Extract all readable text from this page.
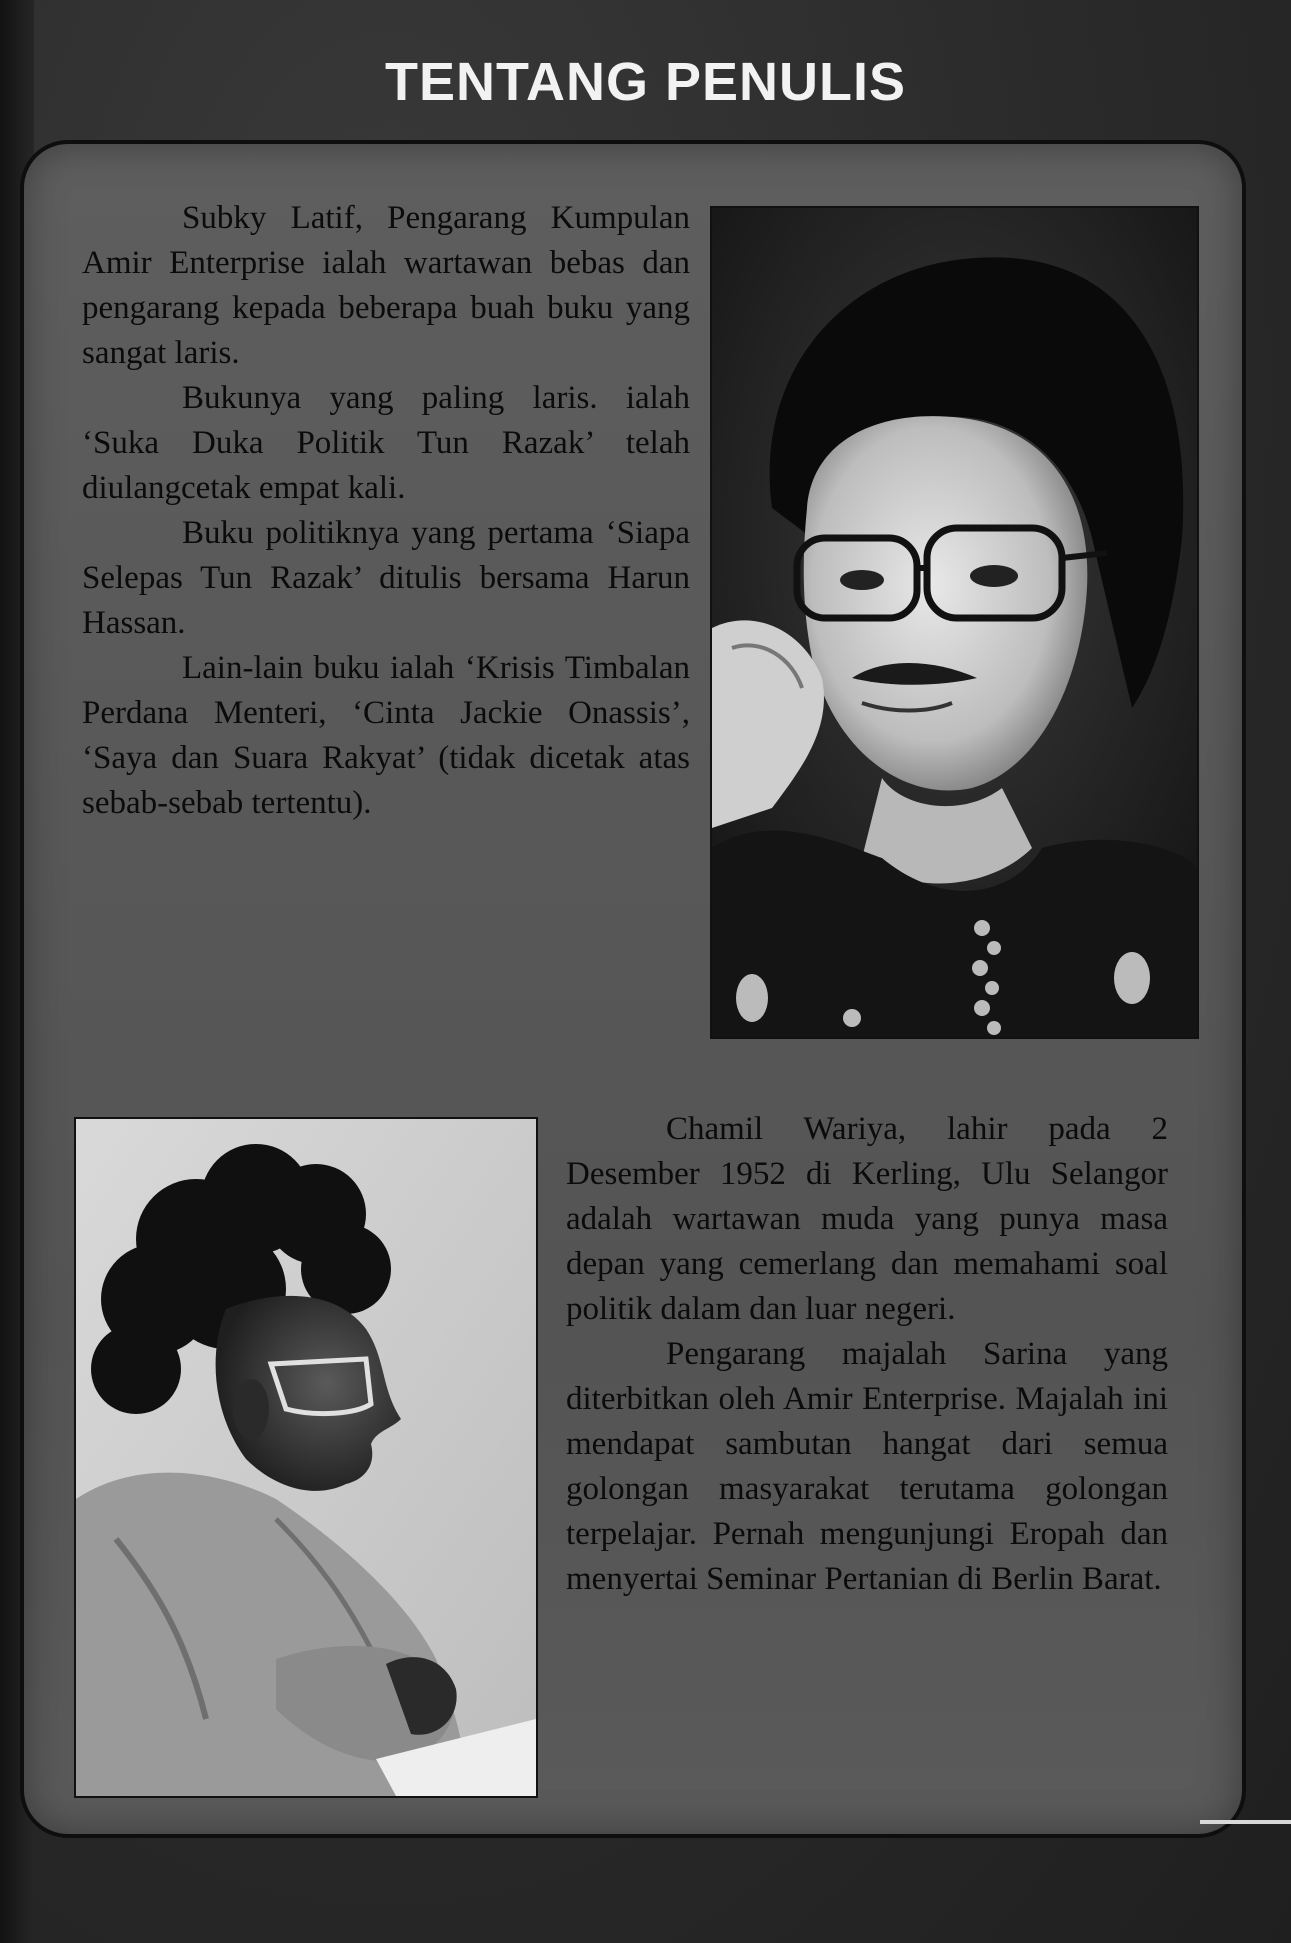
TENTANG PENULIS

Subky Latif, Pengarang Kumpulan Amir Enterprise ialah wartawan bebas dan pengarang kepada beberapa buah buku yang sangat laris.

Bukunya yang paling laris. ialah ‘Suka Duka Politik Tun Razak’ telah diulangcetak empat kali.

Buku politiknya yang pertama ‘Siapa Selepas Tun Razak’ ditulis bersama Harun Hassan.

Lain-lain buku ialah ‘Krisis Timbalan Perdana Menteri, ‘Cinta Jackie Onassis’, ‘Saya dan Suara Rakyat’ (tidak dicetak atas sebab-sebab tertentu).

Chamil Wariya, lahir pada 2 Desember 1952 di Kerling, Ulu Selangor adalah wartawan muda yang punya masa depan yang cemerlang dan memahami soal politik dalam dan luar negeri.

Pengarang majalah Sarina yang diterbitkan oleh Amir Enterprise. Majalah ini mendapat sambutan hangat dari semua golongan masyarakat terutama golongan terpelajar. Pernah mengunjungi Eropah dan menyertai Seminar Pertanian di Berlin Barat.
